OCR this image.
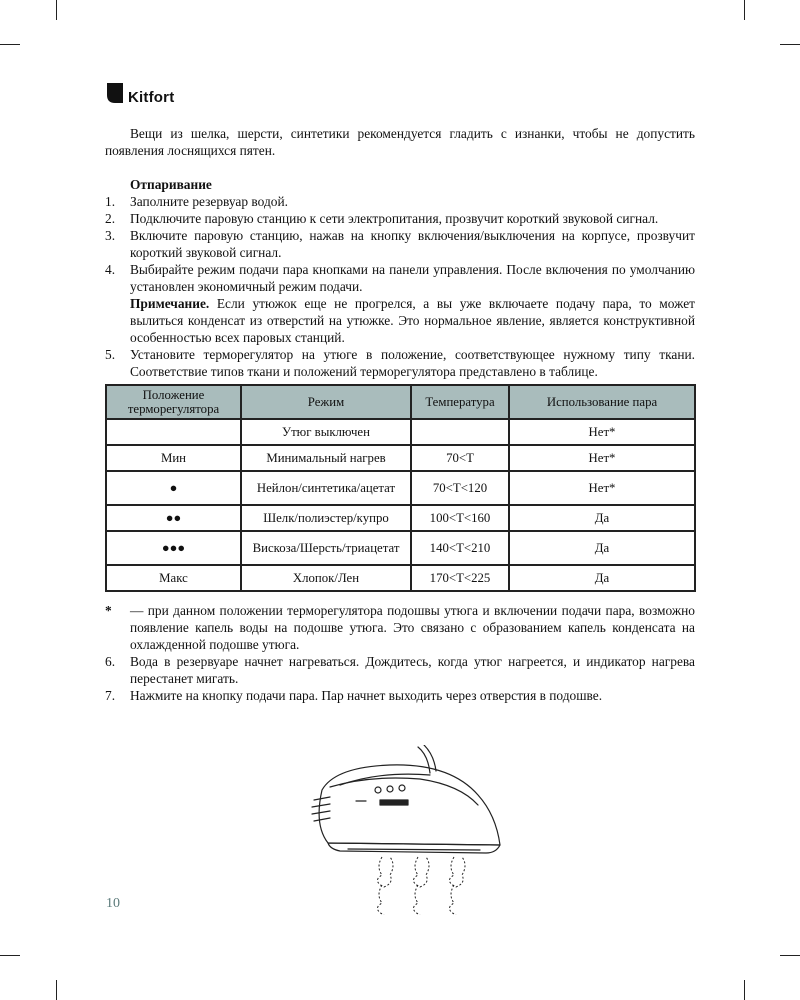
Kitfort

Вещи из шелка, шерсти, синтетики рекомендуется гладить с изнанки, чтобы не допустить появления лоснящихся пятен.

Отпаривание

1. Заполните резервуар водой.
2. Подключите паровую станцию к сети электропитания, прозвучит короткий звуковой сигнал.
3. Включите паровую станцию, нажав на кнопку включения/выключения на корпусе, прозвучит короткий звуковой сигнал.
4. Выбирайте режим подачи пара кнопками на панели управления. После включения по умолчанию установлен экономичный режим подачи.
Примечание. Если утюжок еще не прогрелся, а вы уже включаете подачу пара, то может вылиться конденсат из отверстий на утюжке. Это нормальное явление, является конструктивной особенностью всех паровых станций.
5. Установите терморегулятор на утюге в положение, соответствующее нужному типу ткани. Соответствие типов ткани и положений терморегулятора представлено в таблице.
Положение терморегулятора	Режим	Температура	Использование пара
	Утюг выключен		Нет*
Мин	Минимальный нагрев	70<T	Нет*
●	Нейлон/синтетика/ацетат	70<T<120	Нет*
●●	Шелк/полиэстер/купро	100<T<160	Да
●●●	Вискоза/Шерсть/триацетат	140<T<210	Да
Макс	Хлопок/Лен	170<T<225	Да
* — при данном положении терморегулятора подошвы утюга и включении подачи пара, возможно появление капель воды на подошве утюга. Это связано с образованием капель конденсата на охлажденной подошве утюга.
6. Вода в резервуаре начнет нагреваться. Дождитесь, когда утюг нагреется, и индикатор нагрева перестанет мигать.
7. Нажмите на кнопку подачи пара. Пар начнет выходить через отверстия в подошве.
10
